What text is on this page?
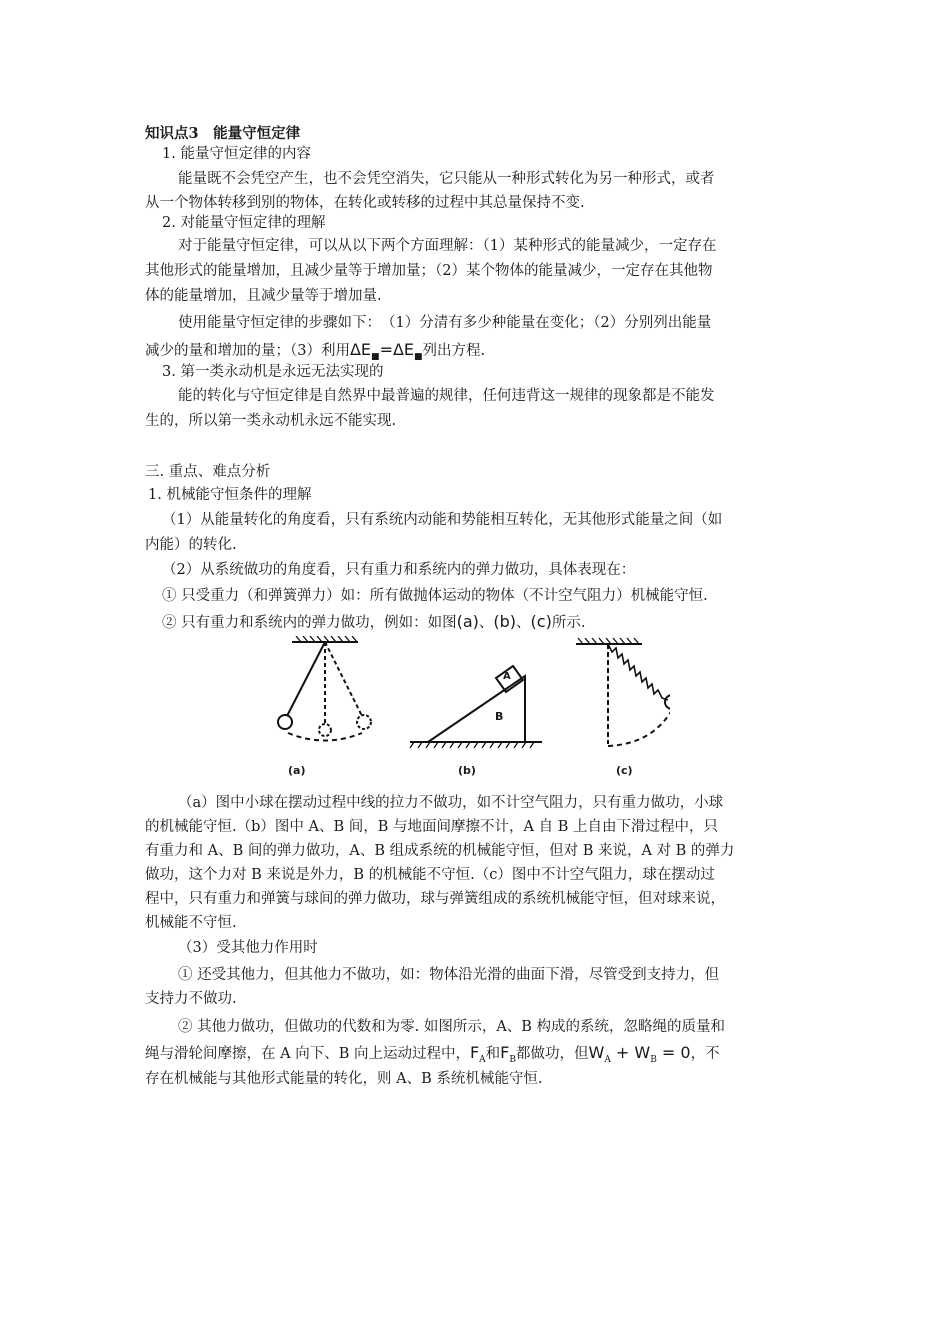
知识点3　能量守恒定律
1. 能量守恒定律的内容
能量既不会凭空产生，也不会凭空消失，它只能从一种形式转化为另一种形式，或者
从一个物体转移到别的物体，在转化或转移的过程中其总量保持不变.
2. 对能量守恒定律的理解
对于能量守恒定律，可以从以下两个方面理解：（1）某种形式的能量减少，一定存在
其他形式的能量增加，且减少量等于增加量；（2）某个物体的能量减少，一定存在其他物
体的能量增加，且减少量等于增加量.
使用能量守恒定律的步骤如下：　（1）分清有多少种能量在变化；（2）分别列出能量
减少的量和增加的量；（3）利用$\Delta E_■=\Delta E_■$列出方程.
3. 第一类永动机是永远无法实现的
能的转化与守恒定律是自然界中最普遍的规律，任何违背这一规律的现象都是不能发
生的，所以第一类永动机永远不能实现.
三. 重点、难点分析
1. 机械能守恒条件的理解
（1）从能量转化的角度看，只有系统内动能和势能相互转化，无其他形式能量之间（如
内能）的转化.
（2）从系统做功的角度看，只有重力和系统内的弹力做功，具体表现在：
① 只受重力（和弹簧弹力）如：所有做抛体运动的物体（不计空气阻力）机械能守恒.
② 只有重力和系统内的弹力做功，例如：如图(a)、(b)、(c)所示.
A
B
(a)	(b)	(c)
（a）图中小球在摆动过程中线的拉力不做功，如不计空气阻力，只有重力做功，小球
的机械能守恒.（b）图中 A、B 间，B 与地面间摩擦不计，A 自 B 上自由下滑过程中，只
有重力和 A、B 间的弹力做功，A、B 组成系统的机械能守恒，但对 B 来说，A 对 B 的弹力
做功，这个力对 B 来说是外力，B 的机械能不守恒.（c）图中不计空气阻力，球在摆动过
程中，只有重力和弹簧与球间的弹力做功，球与弹簧组成的系统机械能守恒，但对球来说，
机械能不守恒.
（3）受其他力作用时
① 还受其他力，但其他力不做功，如：物体沿光滑的曲面下滑，尽管受到支持力，但
支持力不做功.
② 其他力做功，但做功的代数和为零. 如图所示，A、B 构成的系统，忽略绳的质量和
绳与滑轮间摩擦，在 A 向下、B 向上运动过程中，$F_A$和$F_B$都做功，但$W_A + W_B = 0$，不
存在机械能与其他形式能量的转化，则 A、B 系统机械能守恒.
